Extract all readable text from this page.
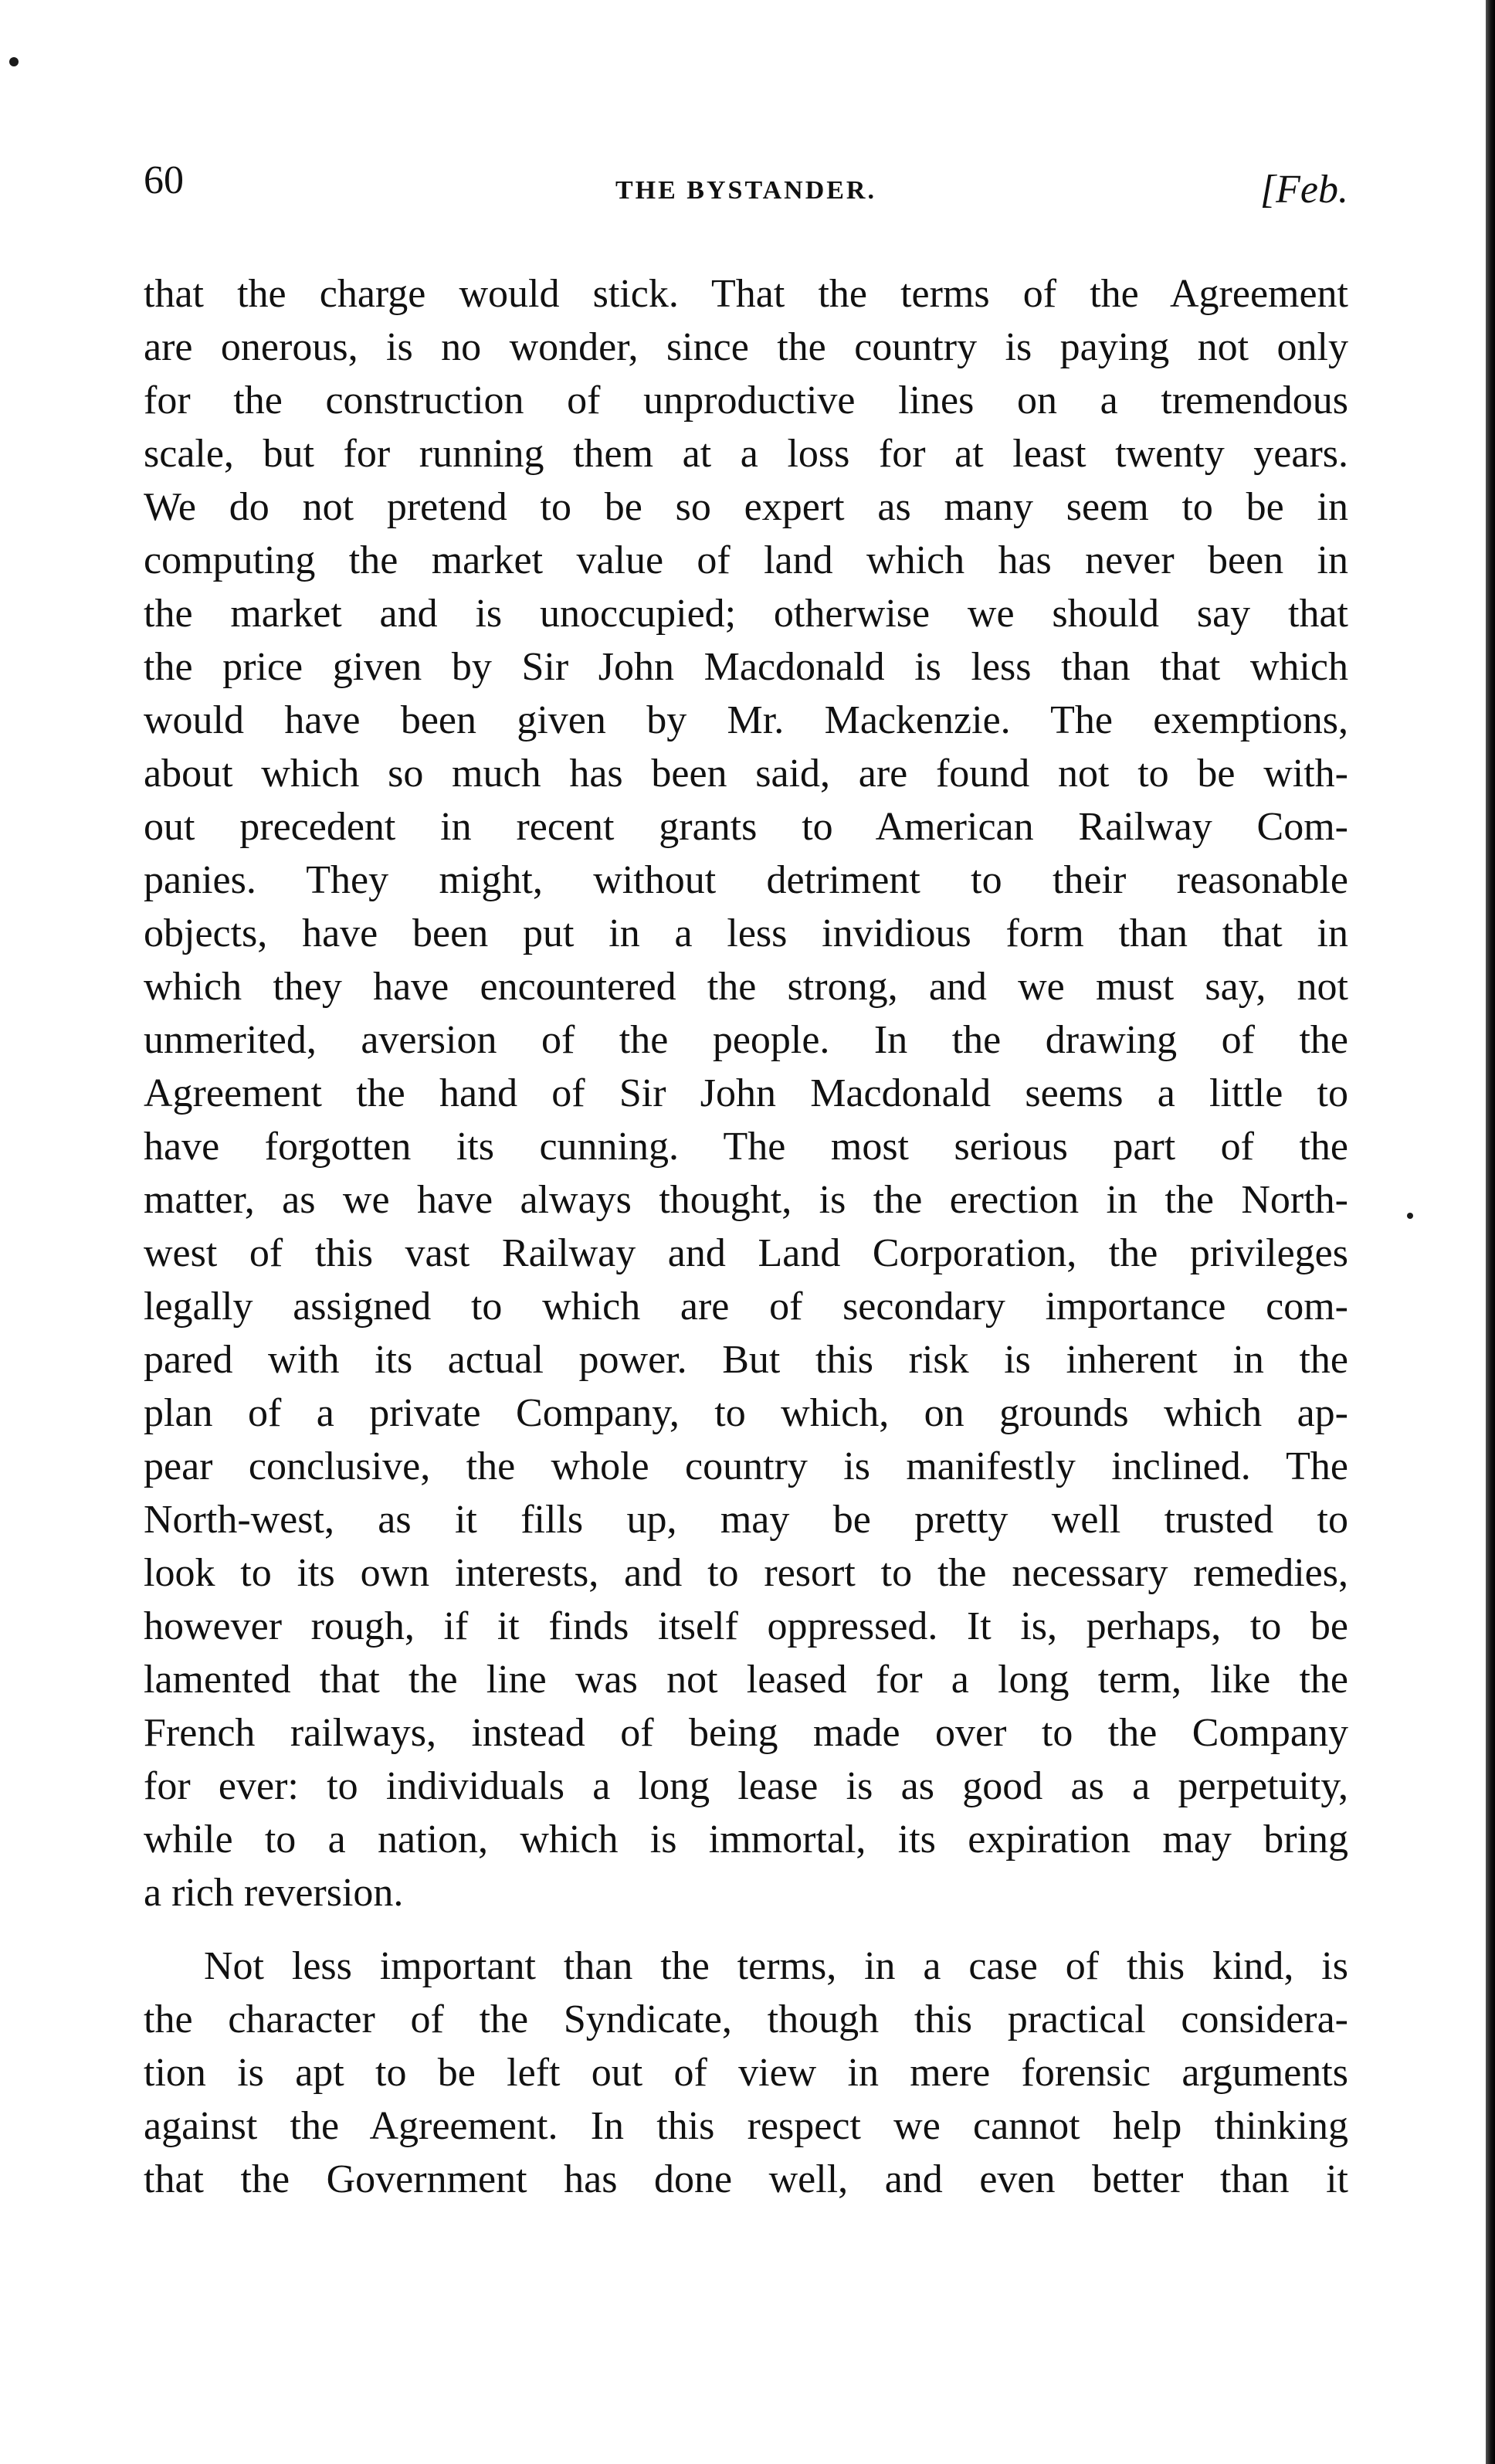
60	THE BYSTANDER.	[Feb.
that the charge would stick. That the terms of the Agreement
are onerous, is no wonder, since the country is paying not only
for the construction of unproductive lines on a tremendous
scale, but for running them at a loss for at least twenty years.
We do not pretend to be so expert as many seem to be in
computing the market value of land which has never been in
the market and is unoccupied; otherwise we should say that
the price given by Sir John Macdonald is less than that which
would have been given by Mr. Mackenzie. The exemptions,
about which so much has been said, are found not to be with-
out precedent in recent grants to American Railway Com-
panies. They might, without detriment to their reasonable
objects, have been put in a less invidious form than that in
which they have encountered the strong, and we must say, not
unmerited, aversion of the people. In the drawing of the
Agreement the hand of Sir John Macdonald seems a little to
have forgotten its cunning. The most serious part of the
matter, as we have always thought, is the erection in the North-
west of this vast Railway and Land Corporation, the privileges
legally assigned to which are of secondary importance com-
pared with its actual power. But this risk is inherent in the
plan of a private Company, to which, on grounds which ap-
pear conclusive, the whole country is manifestly inclined. The
North-west, as it fills up, may be pretty well trusted to
look to its own interests, and to resort to the necessary remedies,
however rough, if it finds itself oppressed. It is, perhaps, to be
lamented that the line was not leased for a long term, like the
French railways, instead of being made over to the Company
for ever: to individuals a long lease is as good as a perpetuity,
while to a nation, which is immortal, its expiration may bring
a rich reversion.
Not less important than the terms, in a case of this kind, is
the character of the Syndicate, though this practical considera-
tion is apt to be left out of view in mere forensic arguments
against the Agreement. In this respect we cannot help thinking
that the Government has done well, and even better than it
